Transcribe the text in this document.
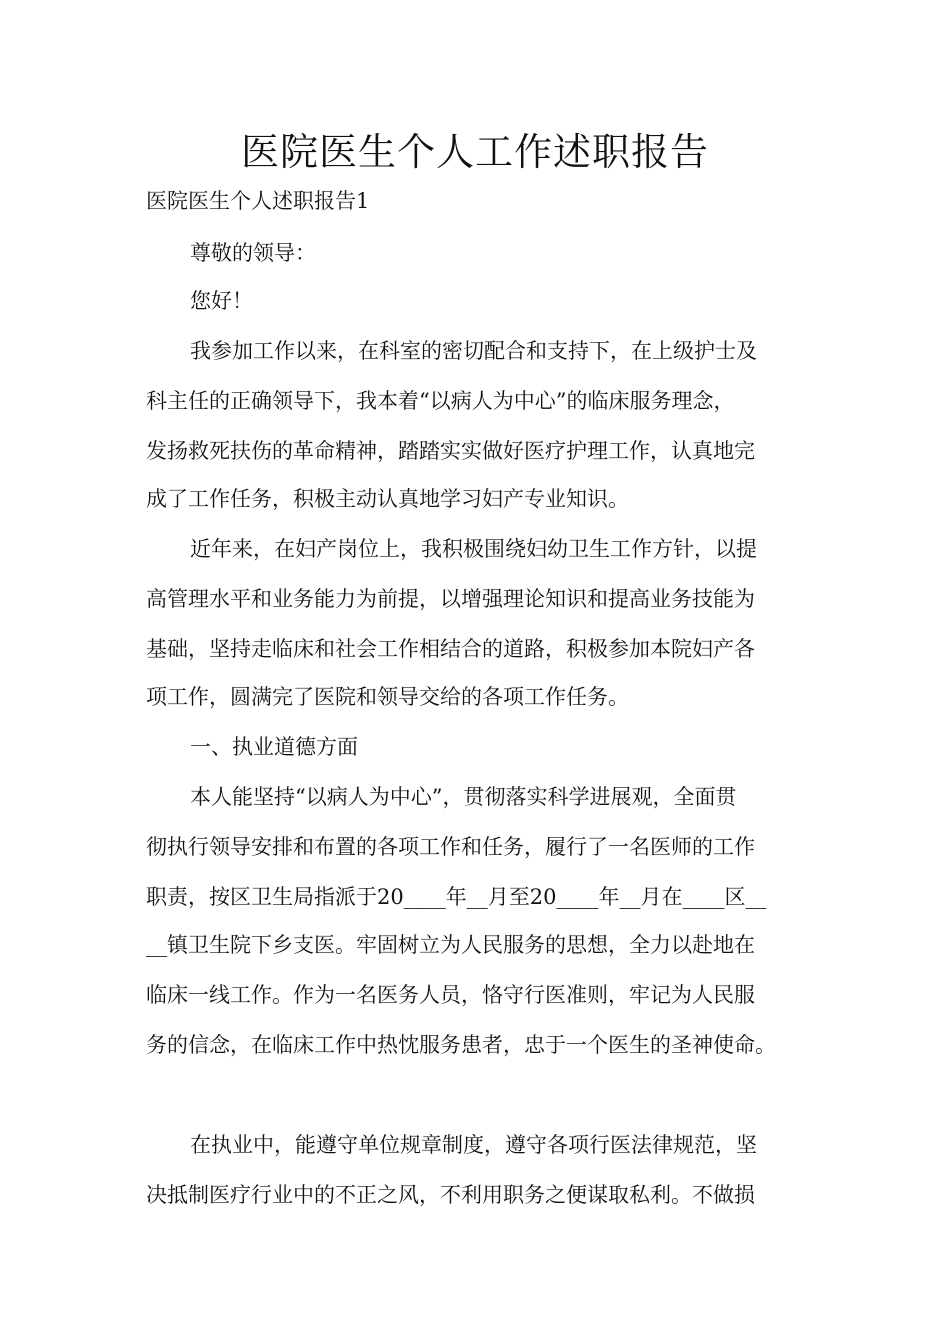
医院医生个人工作述职报告

医院医生个人述职报告1

尊敬的领导：

您好！

我参加工作以来，在科室的密切配合和支持下，在上级护士及

科主任的正确领导下，我本着“以病人为中心”的临床服务理念，

发扬救死扶伤的革命精神，踏踏实实做好医疗护理工作，认真地完

成了工作任务，积极主动认真地学习妇产专业知识。

近年来，在妇产岗位上，我积极围绕妇幼卫生工作方针，以提

高管理水平和业务能力为前提，以增强理论知识和提高业务技能为

基础，坚持走临床和社会工作相结合的道路，积极参加本院妇产各

项工作，圆满完了医院和领导交给的各项工作任务。

一、执业道德方面

本人能坚持“以病人为中心”，贯彻落实科学进展观，全面贯

彻执行领导安排和布置的各项工作和任务，履行了一名医师的工作

职责，按区卫生局指派于20____年__月至20____年__月在____区__

__镇卫生院下乡支医。牢固树立为人民服务的思想，全力以赴地在

临床一线工作。作为一名医务人员，恪守行医准则，牢记为人民服

务的信念，在临床工作中热忱服务患者，忠于一个医生的圣神使命。

在执业中，能遵守单位规章制度，遵守各项行医法律规范，坚

决抵制医疗行业中的不正之风，不利用职务之便谋取私利。不做损
